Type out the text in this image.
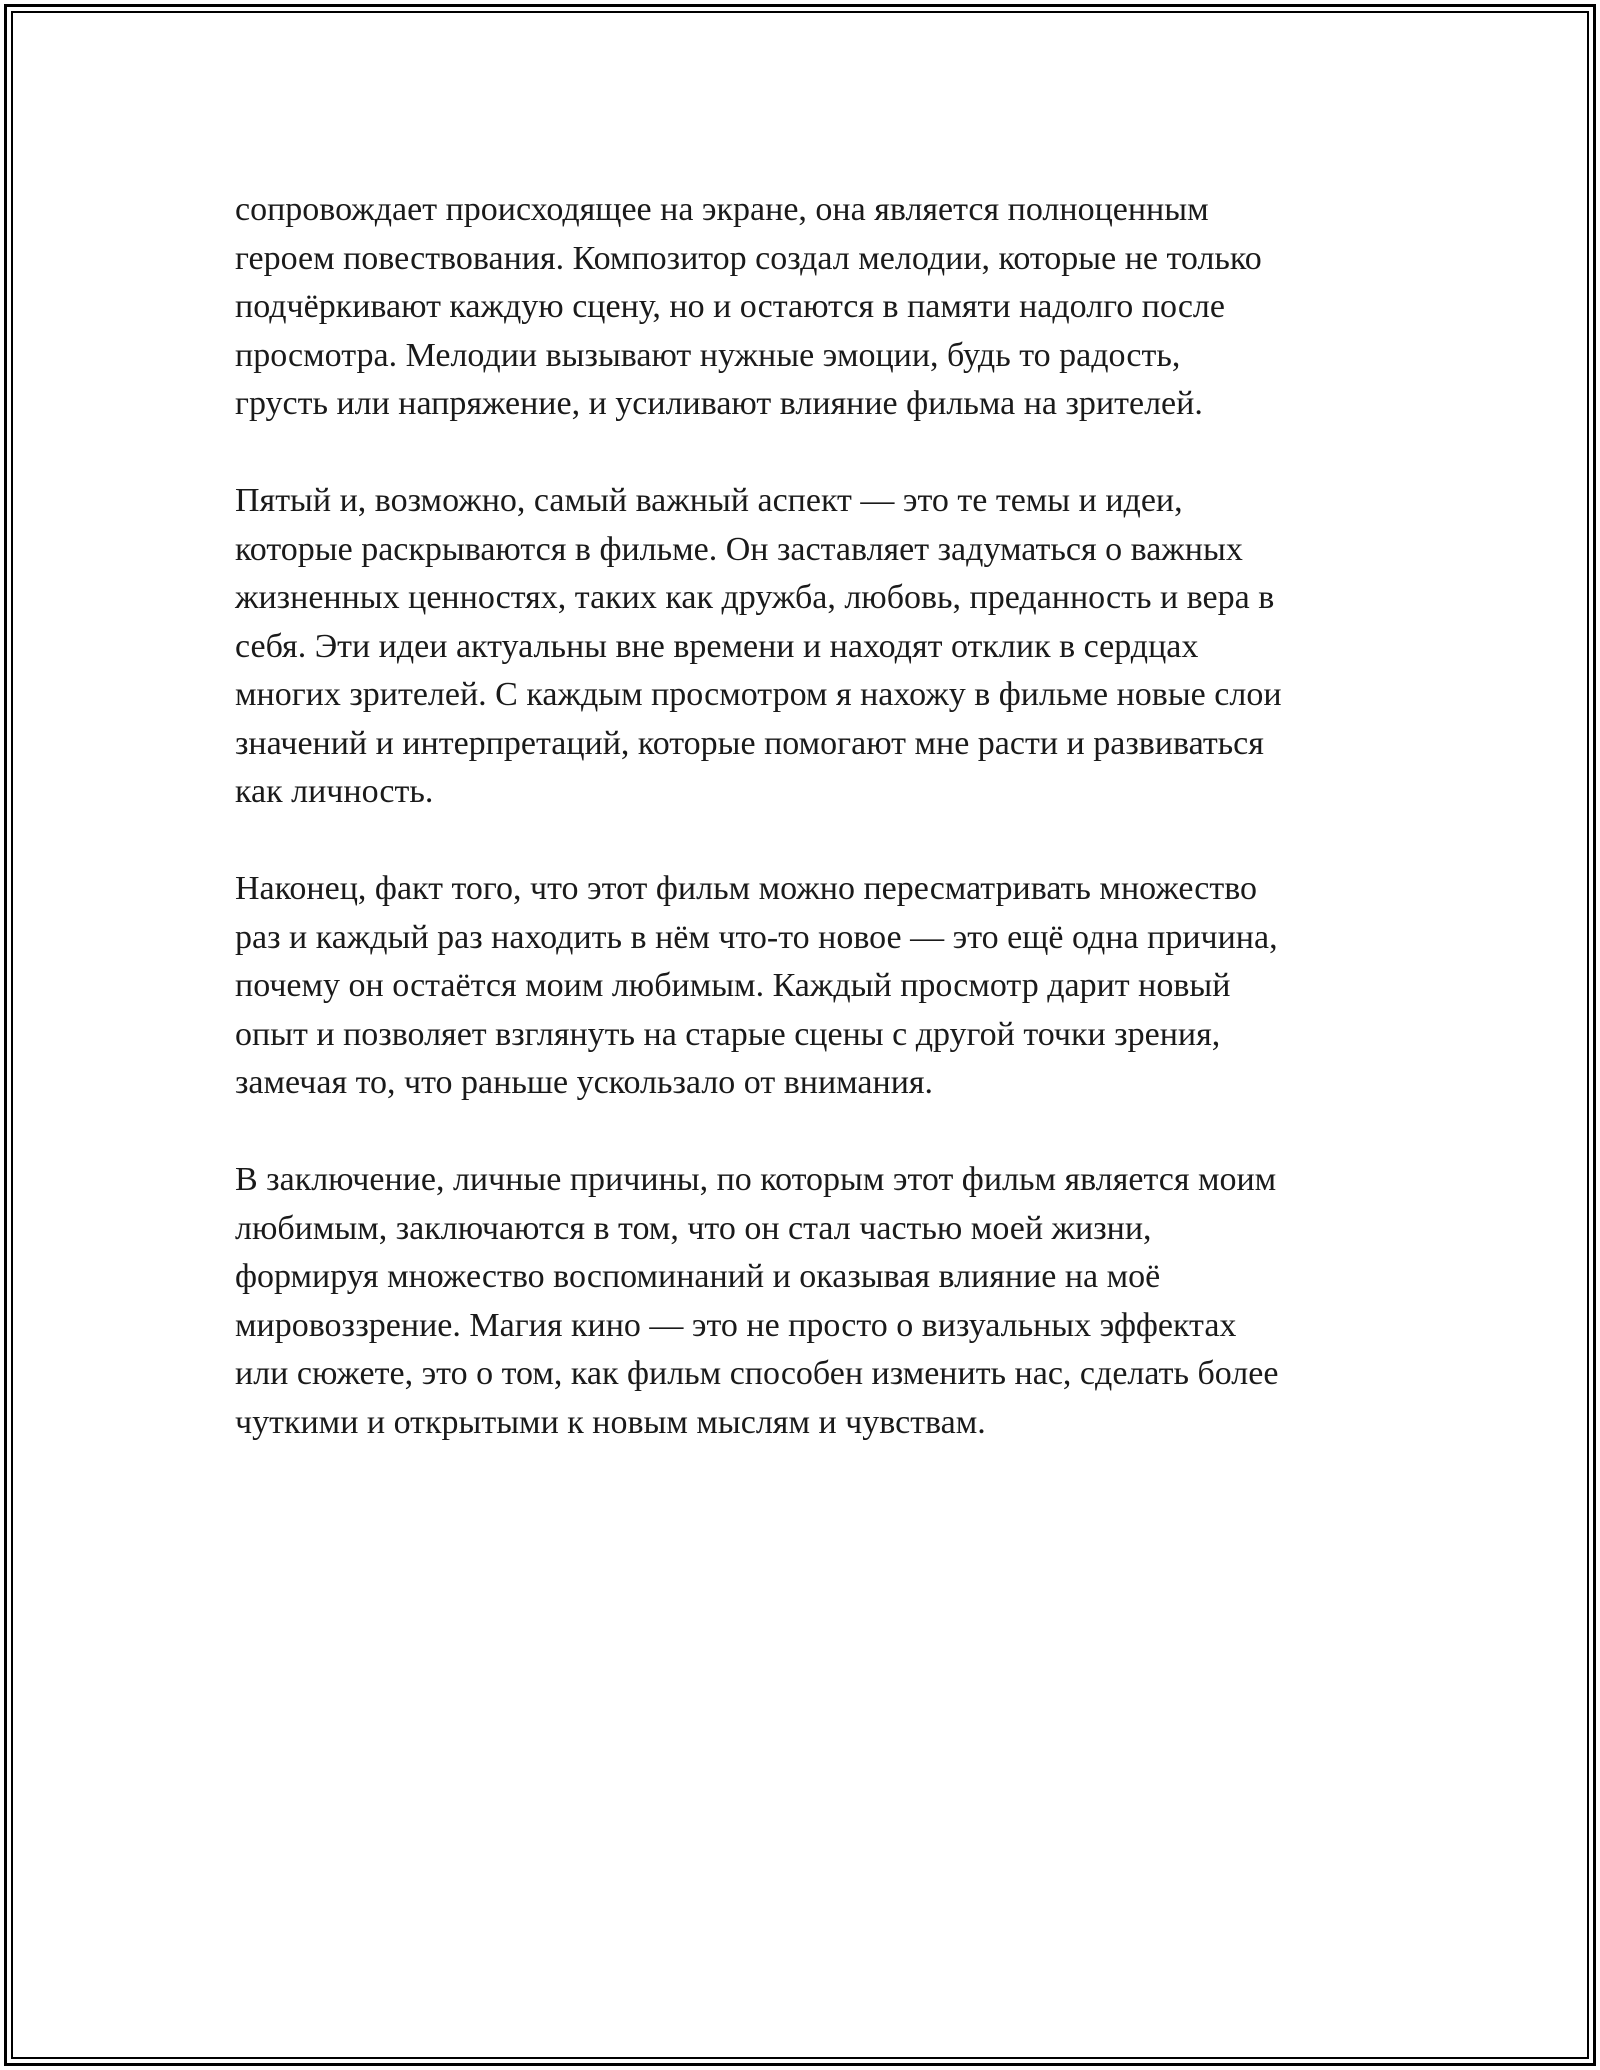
сопровождает происходящее на экране, она является полноценным
героем повествования. Композитор создал мелодии, которые не только
подчёркивают каждую сцену, но и остаются в памяти надолго после
просмотра. Мелодии вызывают нужные эмоции, будь то радость,
грусть или напряжение, и усиливают влияние фильма на зрителей.

Пятый и, возможно, самый важный аспект — это те темы и идеи,
которые раскрываются в фильме. Он заставляет задуматься о важных
жизненных ценностях, таких как дружба, любовь, преданность и вера в
себя. Эти идеи актуальны вне времени и находят отклик в сердцах
многих зрителей. С каждым просмотром я нахожу в фильме новые слои
значений и интерпретаций, которые помогают мне расти и развиваться
как личность.

Наконец, факт того, что этот фильм можно пересматривать множество
раз и каждый раз находить в нём что-то новое — это ещё одна причина,
почему он остаётся моим любимым. Каждый просмотр дарит новый
опыт и позволяет взглянуть на старые сцены с другой точки зрения,
замечая то, что раньше ускользало от внимания.

В заключение, личные причины, по которым этот фильм является моим
любимым, заключаются в том, что он стал частью моей жизни,
формируя множество воспоминаний и оказывая влияние на моё
мировоззрение. Магия кино — это не просто о визуальных эффектах
или сюжете, это о том, как фильм способен изменить нас, сделать более
чуткими и открытыми к новым мыслям и чувствам.
